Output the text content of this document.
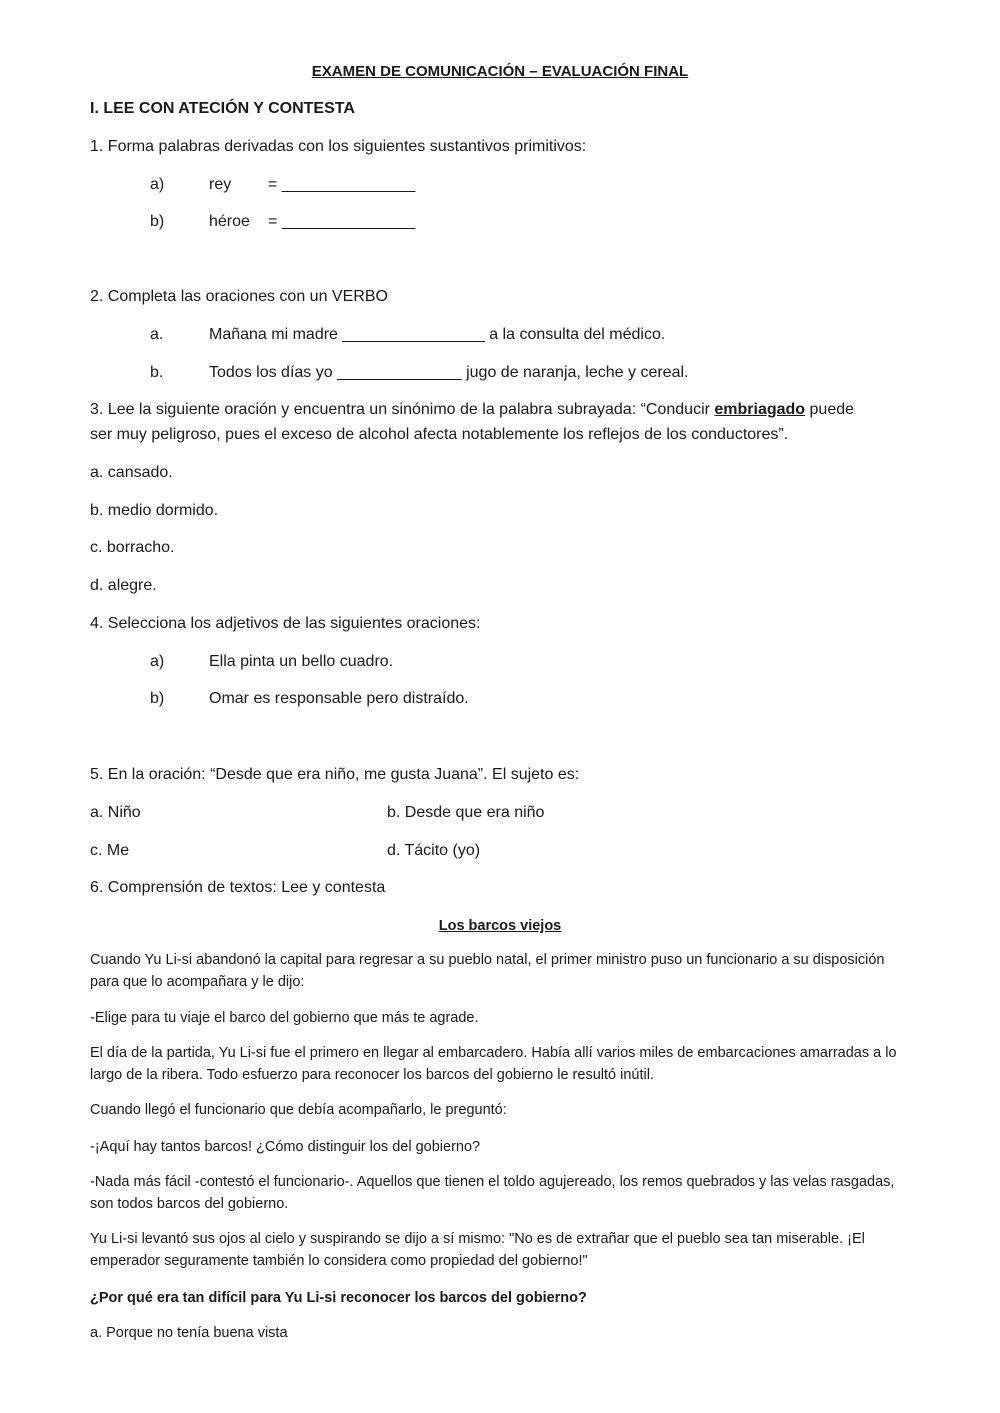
EXAMEN DE COMUNICACIÓN – EVALUACIÓN FINAL
I. LEE CON ATECIÓN Y CONTESTA
1. Forma palabras derivadas con los siguientes sustantivos primitivos:
a)	rey = _______________
b)	héroe = _______________
2. Completa las oraciones con un VERBO
a.	Mañana mi madre ________________ a la consulta del médico.
b.	Todos los días yo ______________ jugo de naranja, leche y cereal.
3. Lee la siguiente oración y encuentra un sinónimo de la palabra subrayada: “Conducir embriagado puede
ser muy peligroso, pues el exceso de alcohol afecta notablemente los reflejos de los conductores”.
a. cansado.
b. medio dormido.
c. borracho.
d. alegre.
4. Selecciona los adjetivos de las siguientes oraciones:
a)	Ella pinta un bello cuadro.
b)	Omar es responsable pero distraído.
5. En la oración: “Desde que era niño, me gusta Juana”. El sujeto es:
a. Niño	b. Desde que era niño
c. Me	d. Tácito (yo)
6. Comprensión de textos: Lee y contesta
Los barcos viejos
Cuando Yu Li-si abandonó la capital para regresar a su pueblo natal, el primer ministro puso un funcionario a su disposición para que lo acompañara y le dijo:
-Elige para tu viaje el barco del gobierno que más te agrade.
El día de la partida, Yu Li-si fue el primero en llegar al embarcadero. Había allí varios miles de embarcaciones amarradas a lo largo de la ribera. Todo esfuerzo para reconocer los barcos del gobierno le resultó inútil.
Cuando llegó el funcionario que debía acompañarlo, le preguntó:
-¡Aquí hay tantos barcos! ¿Cómo distinguir los del gobierno?
-Nada más fácil -contestó el funcionario-. Aquellos que tienen el toldo agujereado, los remos quebrados y las velas rasgadas, son todos barcos del gobierno.
Yu Li-si levantó sus ojos al cielo y suspirando se dijo a sí mismo: "No es de extrañar que el pueblo sea tan miserable. ¡El emperador seguramente también lo considera como propiedad del gobierno!"
¿Por qué era tan difícil para Yu Li-si reconocer los barcos del gobierno?
a. Porque no tenía buena vista
